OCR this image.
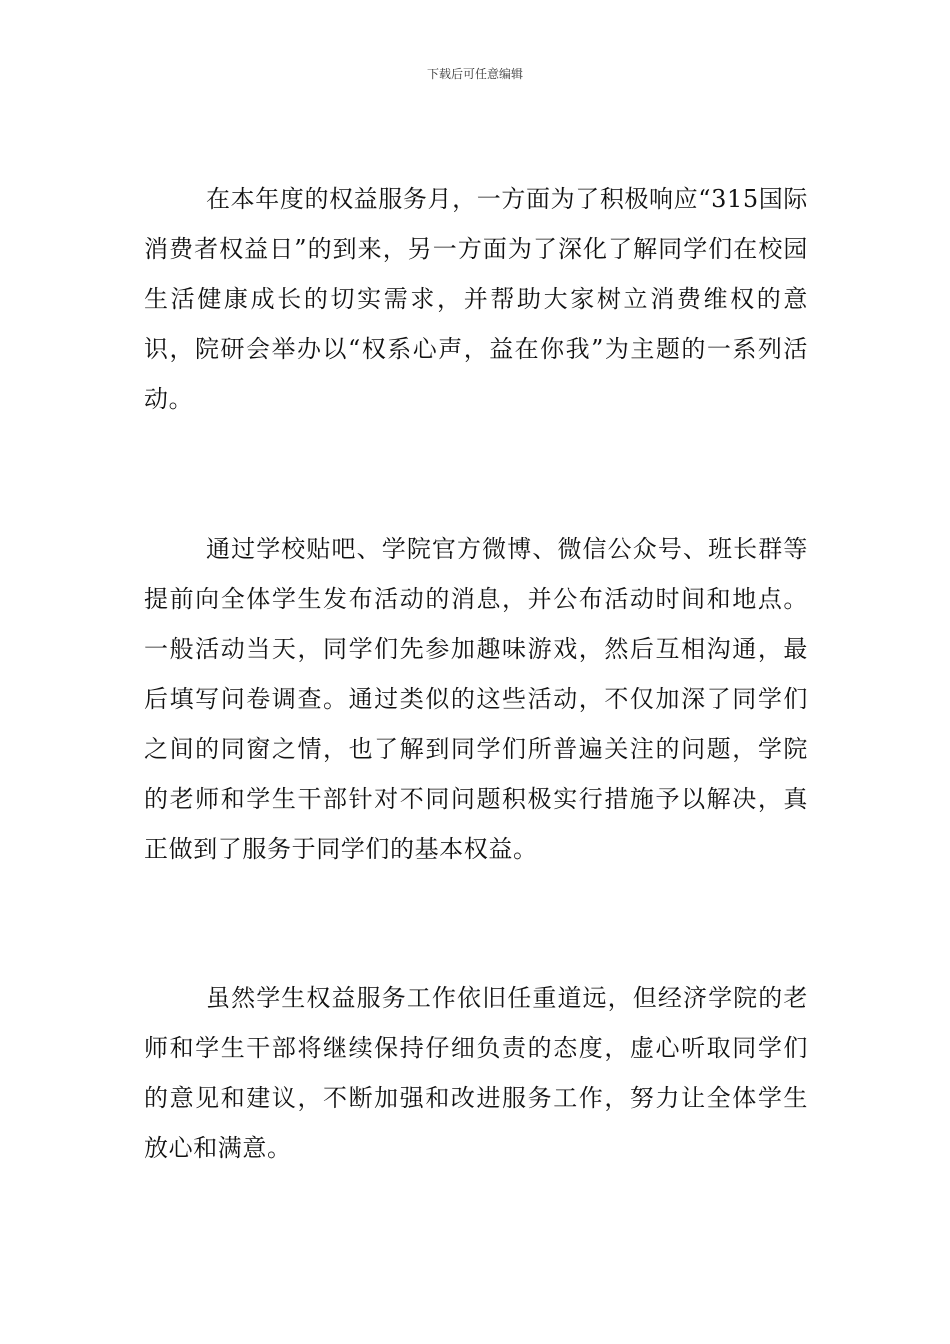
下载后可任意编辑

在本年度的权益服务月，一方面为了积极响应“315国际消费者权益日”的到来，另一方面为了深化了解同学们在校园生活健康成长的切实需求，并帮助大家树立消费维权的意识，院研会举办以“权系心声，益在你我”为主题的一系列活动。

通过学校贴吧、学院官方微博、微信公众号、班长群等提前向全体学生发布活动的消息，并公布活动时间和地点。一般活动当天，同学们先参加趣味游戏，然后互相沟通，最后填写问卷调查。通过类似的这些活动，不仅加深了同学们之间的同窗之情，也了解到同学们所普遍关注的问题，学院的老师和学生干部针对不同问题积极实行措施予以解决，真正做到了服务于同学们的基本权益。

虽然学生权益服务工作依旧任重道远，但经济学院的老师和学生干部将继续保持仔细负责的态度，虚心听取同学们的意见和建议，不断加强和改进服务工作，努力让全体学生放心和满意。
